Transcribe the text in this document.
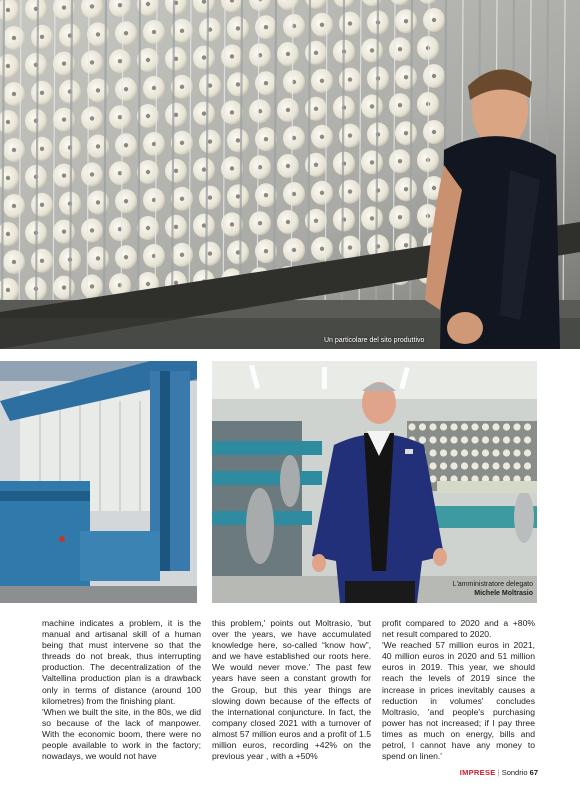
Un particolare del sito produttivo
L'amministratore delegato
Michele Moltrasio

machine indicates a problem, it is the manual and artisanal skill of a human being that must intervene so that the threads do not break, thus interrupting production. The decentralization of the Valtellina production plan is a drawback only in terms of distance (around 100 kilometres) from the finishing plant.

'When we built the site, in the 80s, we did so because of the lack of manpower. With the economic boom, there were no people available to work in the factory; nowadays, we would not have

this problem,' points out Moltrasio, 'but over the years, we have accumulated knowledge here, so-called “know how”, and we have established our roots here. We would never move.' The past few years have seen a constant growth for the Group, but this year things are slowing down because of the effects of the international conjuncture. In fact, the company closed 2021 with a turnover of almost 57 million euros and a profit of 1.5 million euros, recording +42% on the previous year , with a +50%

profit compared to 2020 and a +80% net result compared to 2020.

'We reached 57 million euros in 2021, 40 million euros in 2020 and 51 million euros in 2019. This year, we should reach the levels of 2019 since the increase in prices inevitably causes a reduction in volumes' concludes Moltrasio, 'and people's purchasing power has not increased; if I pay three times as much on energy, bills and petrol, I cannot have any money to spend on linen.'

IMPRESE | Sondrio 67
